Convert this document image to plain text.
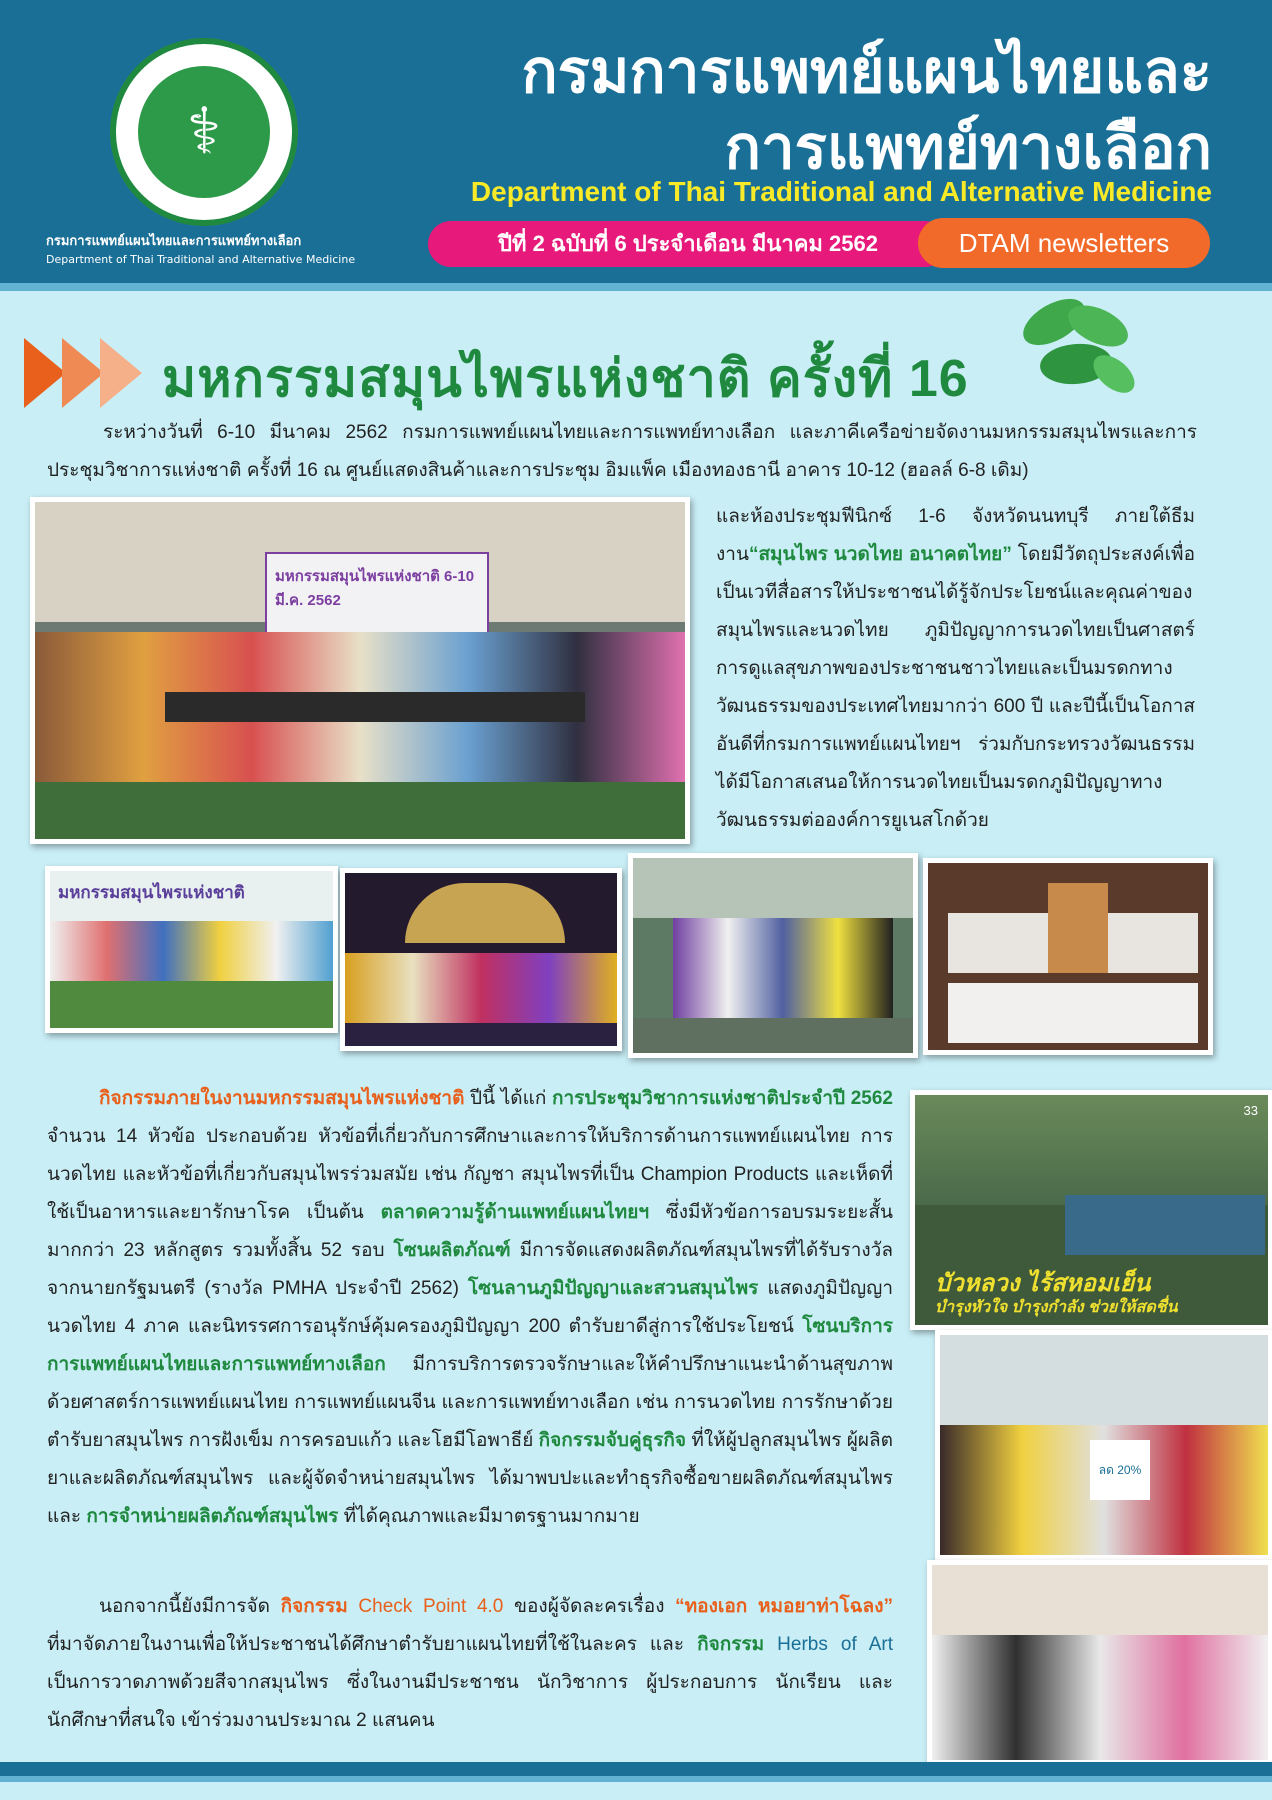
⚕
กรมการแพทย์แผนไทยและการแพทย์ทางเลือก
Department of Thai Traditional and Alternative Medicine
กรมการแพทย์แผนไทยและ
การแพทย์ทางเลือก
Department of Thai Traditional and Alternative Medicine
ปีที่ 2 ฉบับที่ 6 ประจำเดือน มีนาคม 2562	DTAM newsletters
มหกรรมสมุนไพรแห่งชาติ ครั้งที่ 16

ระหว่างวันที่ 6-10 มีนาคม 2562 กรมการแพทย์แผนไทยและการแพทย์ทางเลือก และภาคีเครือข่ายจัดงานมหกรรมสมุนไพรและการประชุมวิชาการแห่งชาติ ครั้งที่ 16 ณ ศูนย์แสดงสินค้าและการประชุม อิมแพ็ค เมืองทองธานี อาคาร 10-12 (ฮอลล์ 6-8 เดิม)

มหกรรมสมุนไพรแห่งชาติ 6-10 มี.ค. 2562

และห้องประชุมฟีนิกซ์ 1-6 จังหวัดนนทบุรี ภายใต้ธีมงาน“สมุนไพร นวดไทย อนาคตไทย” โดยมีวัตถุประสงค์เพื่อเป็นเวทีสื่อสารให้ประชาชนได้รู้จักประโยชน์และคุณค่าของสมุนไพรและนวดไทย ภูมิปัญญาการนวดไทยเป็นศาสตร์การดูแลสุขภาพของประชาชนชาวไทยและเป็นมรดกทางวัฒนธรรมของประเทศไทยมากว่า 600 ปี และปีนี้เป็นโอกาสอันดีที่กรมการแพทย์แผนไทยฯ ร่วมกับกระทรวงวัฒนธรรม ได้มีโอกาสเสนอให้การนวดไทยเป็นมรดกภูมิปัญญาทางวัฒนธรรมต่อองค์การยูเนสโกด้วย

มหกรรมสมุนไพรแห่งชาติ

กิจกรรมภายในงานมหกรรมสมุนไพรแห่งชาติ ปีนี้ ได้แก่ การประชุมวิชาการแห่งชาติประจำปี 2562 จำนวน 14 หัวข้อ ประกอบด้วย หัวข้อที่เกี่ยวกับการศึกษาและการให้บริการด้านการแพทย์แผนไทย การนวดไทย และหัวข้อที่เกี่ยวกับสมุนไพรร่วมสมัย เช่น กัญชา สมุนไพรที่เป็น Champion Products และเห็ดที่ใช้เป็นอาหารและยารักษาโรค เป็นต้น ตลาดความรู้ด้านแพทย์แผนไทยฯ ซึ่งมีหัวข้อการอบรมระยะสั้นมากกว่า 23 หลักสูตร รวมทั้งสิ้น 52 รอบ โซนผลิตภัณฑ์ มีการจัดแสดงผลิตภัณฑ์สมุนไพรที่ได้รับรางวัลจากนายกรัฐมนตรี (รางวัล PMHA ประจำปี 2562) โซนลานภูมิปัญญาและสวนสมุนไพร แสดงภูมิปัญญานวดไทย 4 ภาค และนิทรรศการอนุรักษ์คุ้มครองภูมิปัญญา 200 ตำรับยาดีสู่การใช้ประโยชน์ โซนบริการการแพทย์แผนไทยและการแพทย์ทางเลือก มีการบริการตรวจรักษาและให้คำปรึกษาแนะนำด้านสุขภาพด้วยศาสตร์การแพทย์แผนไทย การแพทย์แผนจีน และการแพทย์ทางเลือก เช่น การนวดไทย การรักษาด้วยตำรับยาสมุนไพร การฝังเข็ม การครอบแก้ว และโฮมีโอพาธีย์ กิจกรรมจับคู่ธุรกิจ ที่ให้ผู้ปลูกสมุนไพร ผู้ผลิตยาและผลิตภัณฑ์สมุนไพร และผู้จัดจำหน่ายสมุนไพร ได้มาพบปะและทำธุรกิจซื้อขายผลิตภัณฑ์สมุนไพร และ การจำหน่ายผลิตภัณฑ์สมุนไพร ที่ได้คุณภาพและมีมาตรฐานมากมาย

นอกจากนี้ยังมีการจัด กิจกรรม Check Point 4.0 ของผู้จัดละครเรื่อง “ทองเอก หมอยาท่าโฉลง” ที่มาจัดภายในงานเพื่อให้ประชาชนได้ศึกษาตำรับยาแผนไทยที่ใช้ในละคร และ กิจกรรม Herbs of Art เป็นการวาดภาพด้วยสีจากสมุนไพร ซึ่งในงานมีประชาชน นักวิชาการ ผู้ประกอบการ นักเรียน และนักศึกษาที่สนใจ เข้าร่วมงานประมาณ 2 แสนคน

33
บัวหลวง ไร้สหอมเย็น
บำรุงหัวใจ บำรุงกำลัง ช่วยให้สดชื่น
ลด 20%
